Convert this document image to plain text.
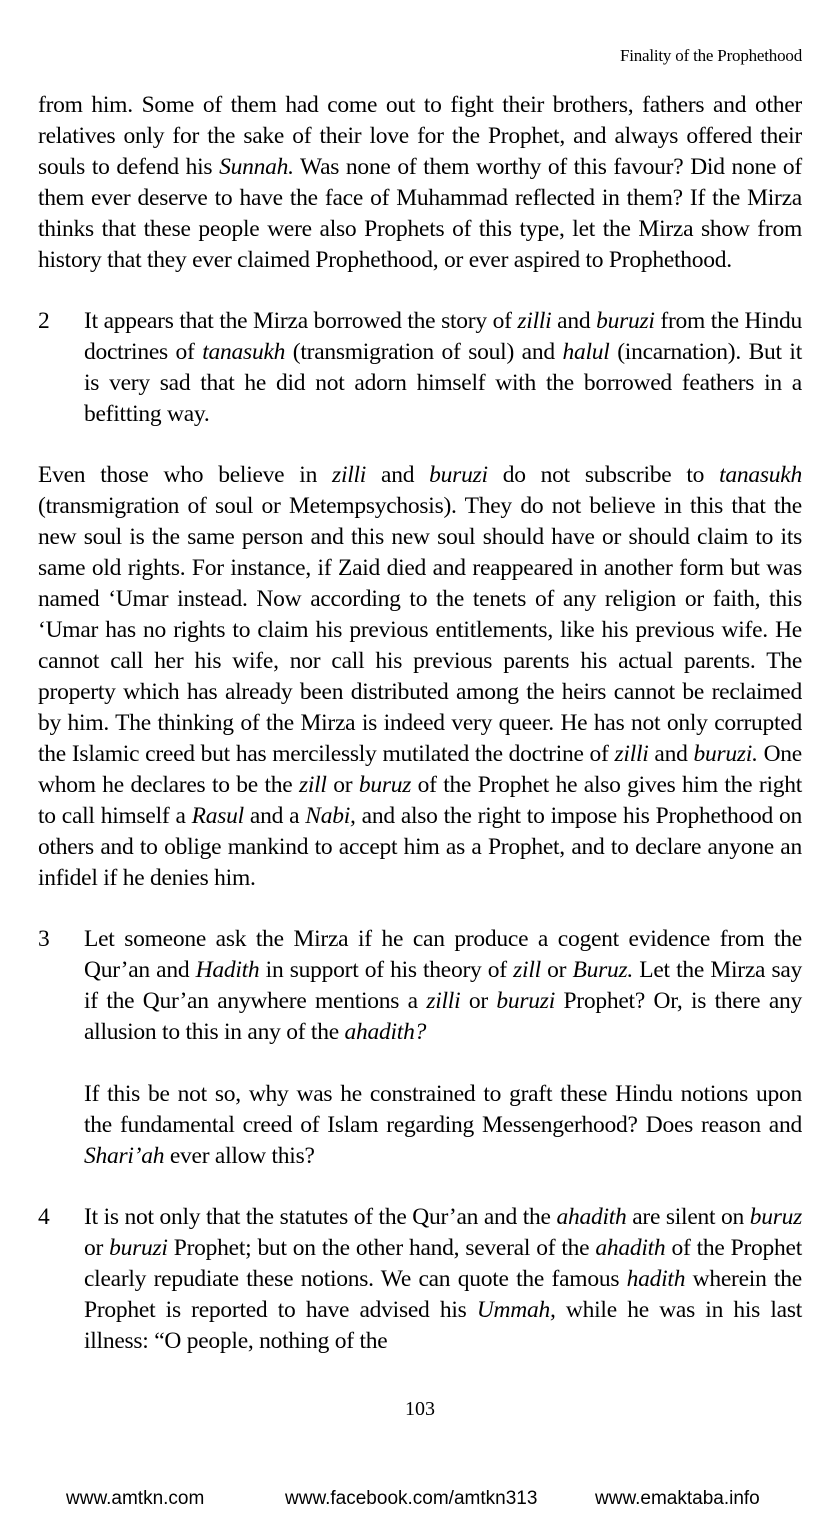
Finality of the Prophethood

from him. Some of them had come out to fight their brothers, fathers and other relatives only for the sake of their love for the Prophet, and always offered their souls to defend his Sunnah. Was none of them worthy of this favour? Did none of them ever deserve to have the face of Muhammad reflected in them? If the Mirza thinks that these people were also Prophets of this type, let the Mirza show from history that they ever claimed Prophethood, or ever aspired to Prophethood.

2	It appears that the Mirza borrowed the story of zilli and buruzi from the Hindu doctrines of tanasukh (transmigration of soul) and halul (incarnation). But it is very sad that he did not adorn himself with the borrowed feathers in a befitting way.

Even those who believe in zilli and buruzi do not subscribe to tanasukh (transmigration of soul or Metempsychosis). They do not believe in this that the new soul is the same person and this new soul should have or should claim to its same old rights. For instance, if Zaid died and reappeared in another form but was named ‘Umar instead. Now according to the tenets of any religion or faith, this ‘Umar has no rights to claim his previous entitlements, like his previous wife. He cannot call her his wife, nor call his previous parents his actual parents. The property which has already been distributed among the heirs cannot be reclaimed by him. The thinking of the Mirza is indeed very queer. He has not only corrupted the Islamic creed but has mercilessly mutilated the doctrine of zilli and buruzi. One whom he declares to be the zill or buruz of the Prophet he also gives him the right to call himself a Rasul and a Nabi, and also the right to impose his Prophethood on others and to oblige mankind to accept him as a Prophet, and to declare anyone an infidel if he denies him.

3	Let someone ask the Mirza if he can produce a cogent evidence from the Qur’an and Hadith in support of his theory of zill or Buruz. Let the Mirza say if the Qur’an anywhere mentions a zilli or buruzi Prophet? Or, is there any allusion to this in any of the ahadith?

If this be not so, why was he constrained to graft these Hindu notions upon the fundamental creed of Islam regarding Messengerhood? Does reason and Shari’ah ever allow this?

4	It is not only that the statutes of the Qur’an and the ahadith are silent on buruz or buruzi Prophet; but on the other hand, several of the ahadith of the Prophet clearly repudiate these notions. We can quote the famous hadith wherein the Prophet is reported to have advised his Ummah, while he was in his last illness: “O people, nothing of the

103
www.amtkn.com	www.facebook.com/amtkn313	www.emaktaba.info
